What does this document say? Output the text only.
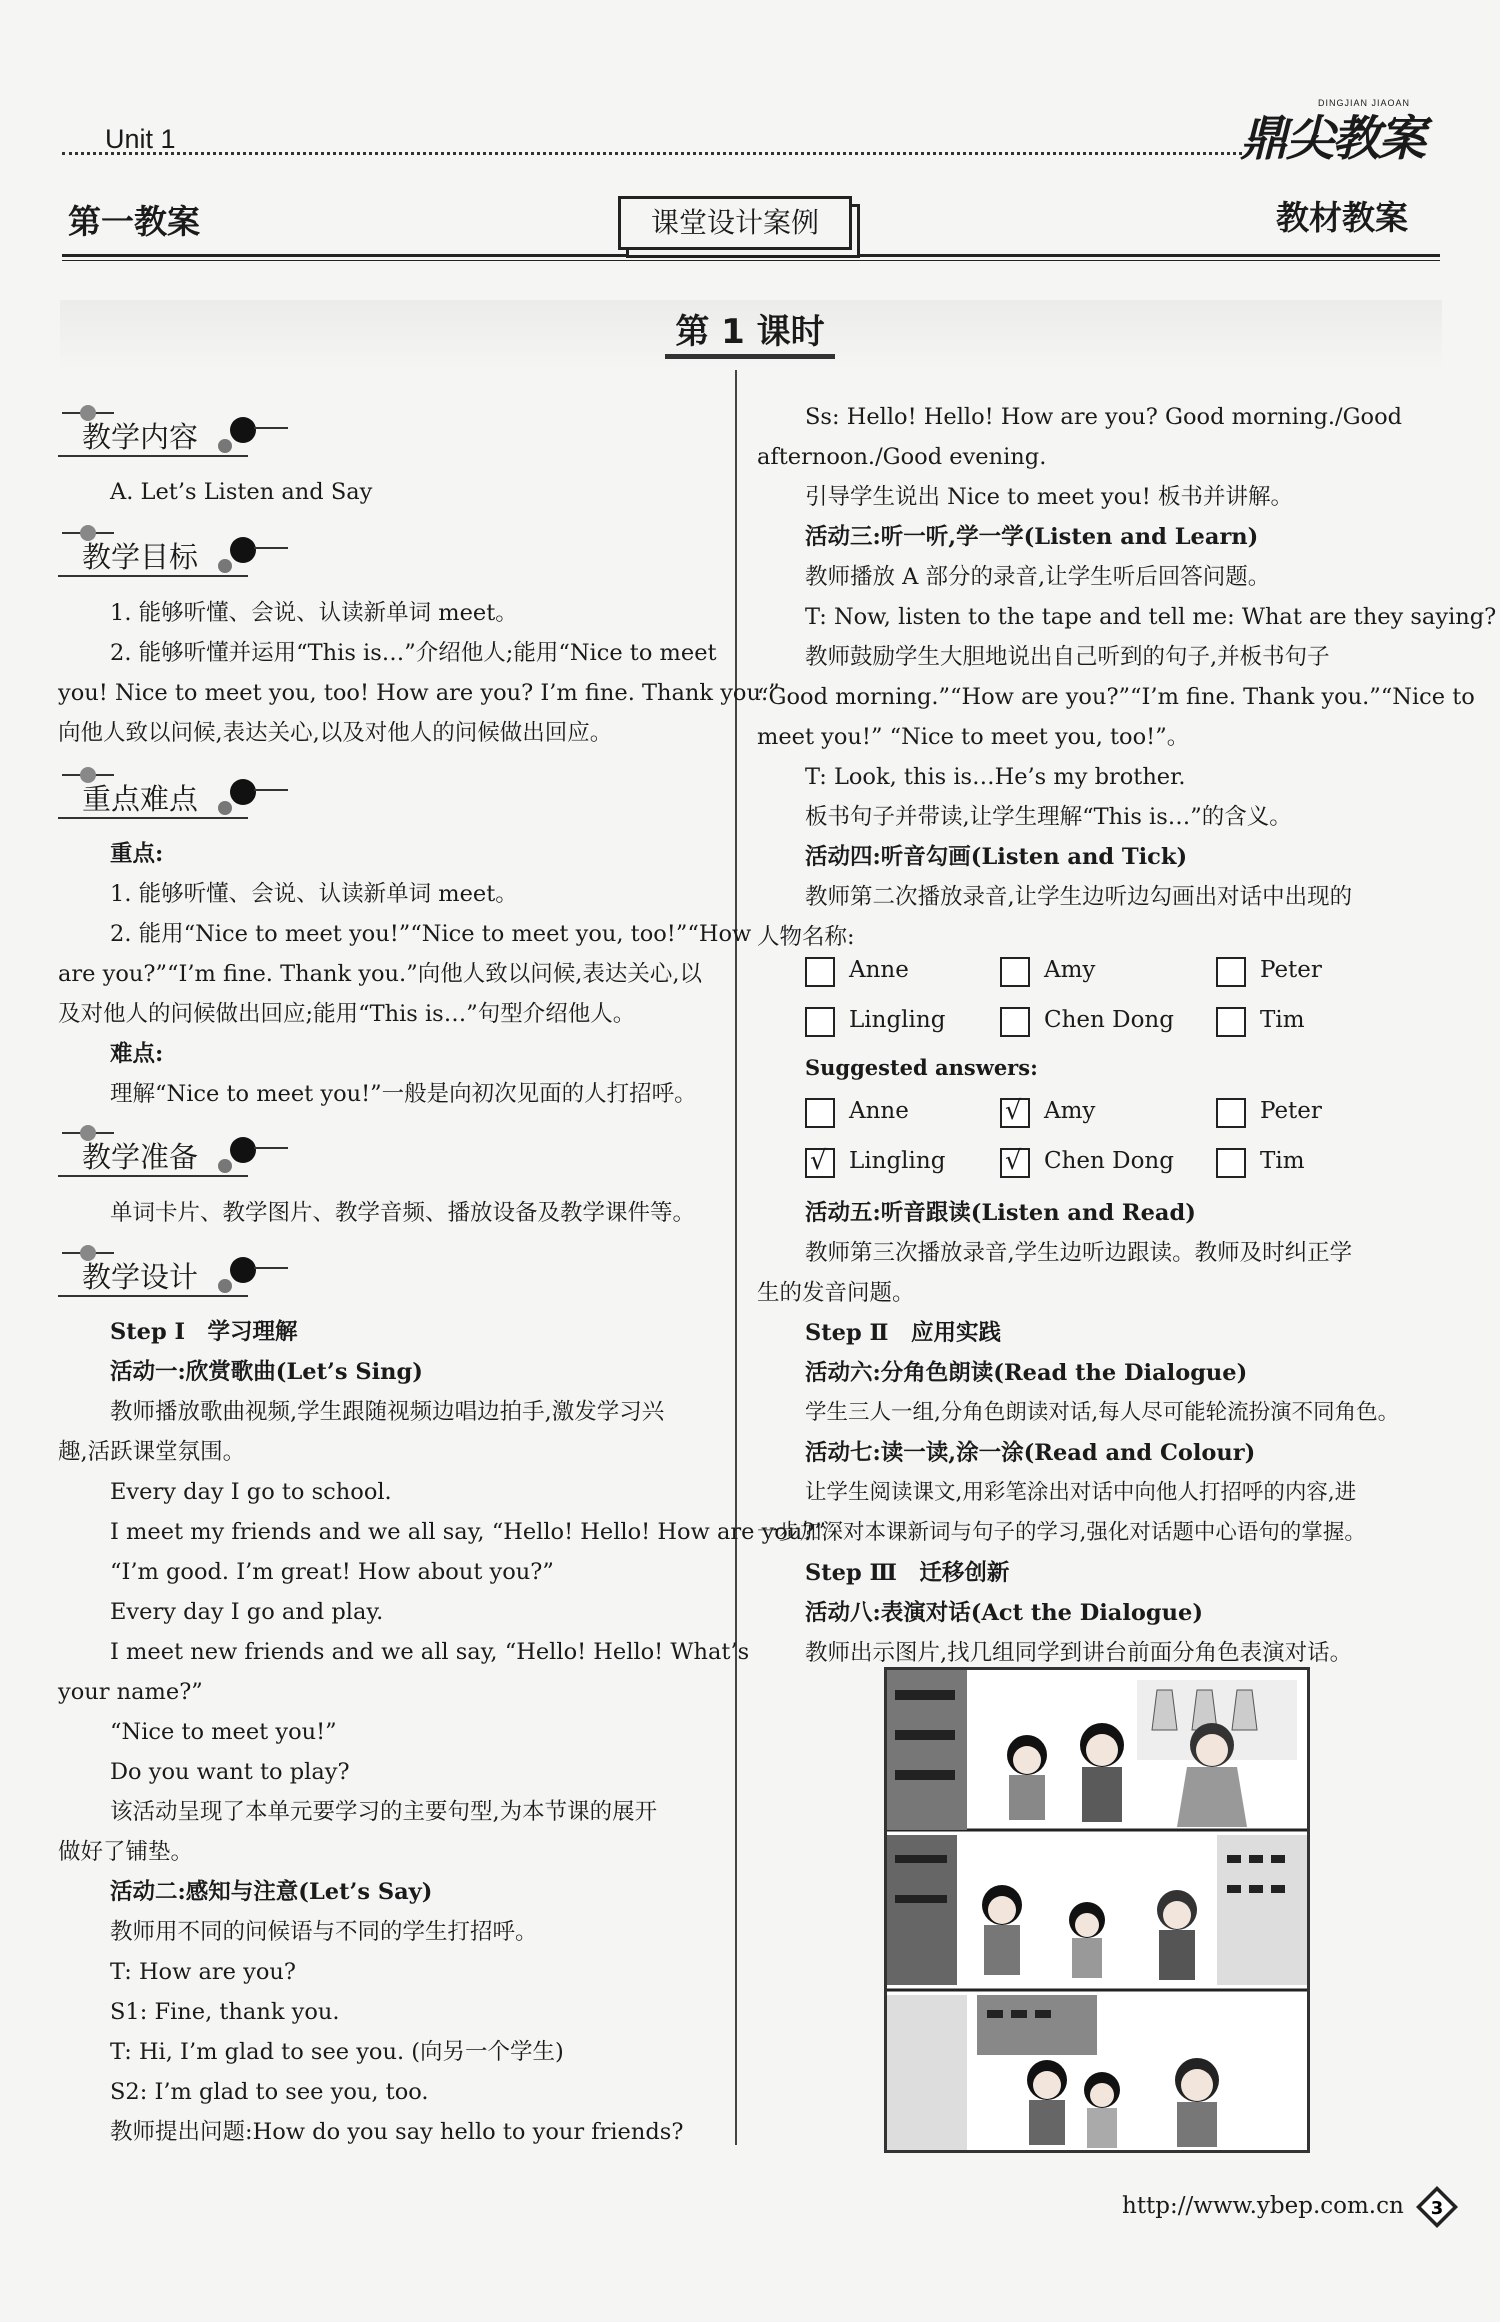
Unit 1	鼎尖教案
DINGJIAN JIAOAN
第一教案	教材教案
课堂设计案例
第 1 课时
教学内容
A. Let’s Listen and Say
教学目标
1. 能够听懂、会说、认读新单词 meet。
2. 能够听懂并运用“This is…”介绍他人;能用“Nice to meet
you! Nice to meet you, too! How are you? I’m fine. Thank you.”
向他人致以问候,表达关心,以及对他人的问候做出回应。
重点难点
重点:
1. 能够听懂、会说、认读新单词 meet。
2. 能用“Nice to meet you!”“Nice to meet you, too!”“How
are you?”“I’m fine. Thank you.”向他人致以问候,表达关心,以
及对他人的问候做出回应;能用“This is…”句型介绍他人。
难点:
理解“Nice to meet you!”一般是向初次见面的人打招呼。
教学准备
单词卡片、教学图片、教学音频、播放设备及教学课件等。
教学设计
Step Ⅰ　学习理解
活动一:欣赏歌曲(Let’s Sing)
教师播放歌曲视频,学生跟随视频边唱边拍手,激发学习兴
趣,活跃课堂氛围。
Every day I go to school.
I meet my friends and we all say, “Hello! Hello! How are you?”
“I’m good. I’m great! How about you?”
Every day I go and play.
I meet new friends and we all say, “Hello! Hello! What’s
your name?”
“Nice to meet you!”
Do you want to play?
该活动呈现了本单元要学习的主要句型,为本节课的展开
做好了铺垫。
活动二:感知与注意(Let’s Say)
教师用不同的问候语与不同的学生打招呼。
T: How are you?
S1: Fine, thank you.
T: Hi, I’m glad to see you. (向另一个学生)
S2: I’m glad to see you, too.
教师提出问题:How do you say hello to your friends?
Ss: Hello! Hello! How are you? Good morning./Good
afternoon./Good evening.
引导学生说出 Nice to meet you! 板书并讲解。
活动三:听一听,学一学(Listen and Learn)
教师播放 A 部分的录音,让学生听后回答问题。
T: Now, listen to the tape and tell me: What are they saying?
教师鼓励学生大胆地说出自己听到的句子,并板书句子
“Good morning.”“How are you?”“I’m fine. Thank you.”“Nice to
meet you!” “Nice to meet you, too!”。
T: Look, this is…He’s my brother.
板书句子并带读,让学生理解“This is…”的含义。
活动四:听音勾画(Listen and Tick)
教师第二次播放录音,让学生边听边勾画出对话中出现的
人物名称:
Anne	Amy	Peter
Lingling	Chen Dong	Tim
Suggested answers:
Anne	√ Amy	Peter
√ Lingling √ Chen Dong	Tim
活动五:听音跟读(Listen and Read)
教师第三次播放录音,学生边听边跟读。教师及时纠正学
生的发音问题。
Step Ⅱ　应用实践
活动六:分角色朗读(Read the Dialogue)
学生三人一组,分角色朗读对话,每人尽可能轮流扮演不同角色。
活动七:读一读,涂一涂(Read and Colour)
让学生阅读课文,用彩笔涂出对话中向他人打招呼的内容,进
一步加深对本课新词与句子的学习,强化对话题中心语句的掌握。
Step Ⅲ　迁移创新
活动八:表演对话(Act the Dialogue)
教师出示图片,找几组同学到讲台前面分角色表演对话。
http://www.ybep.com.cn 3
